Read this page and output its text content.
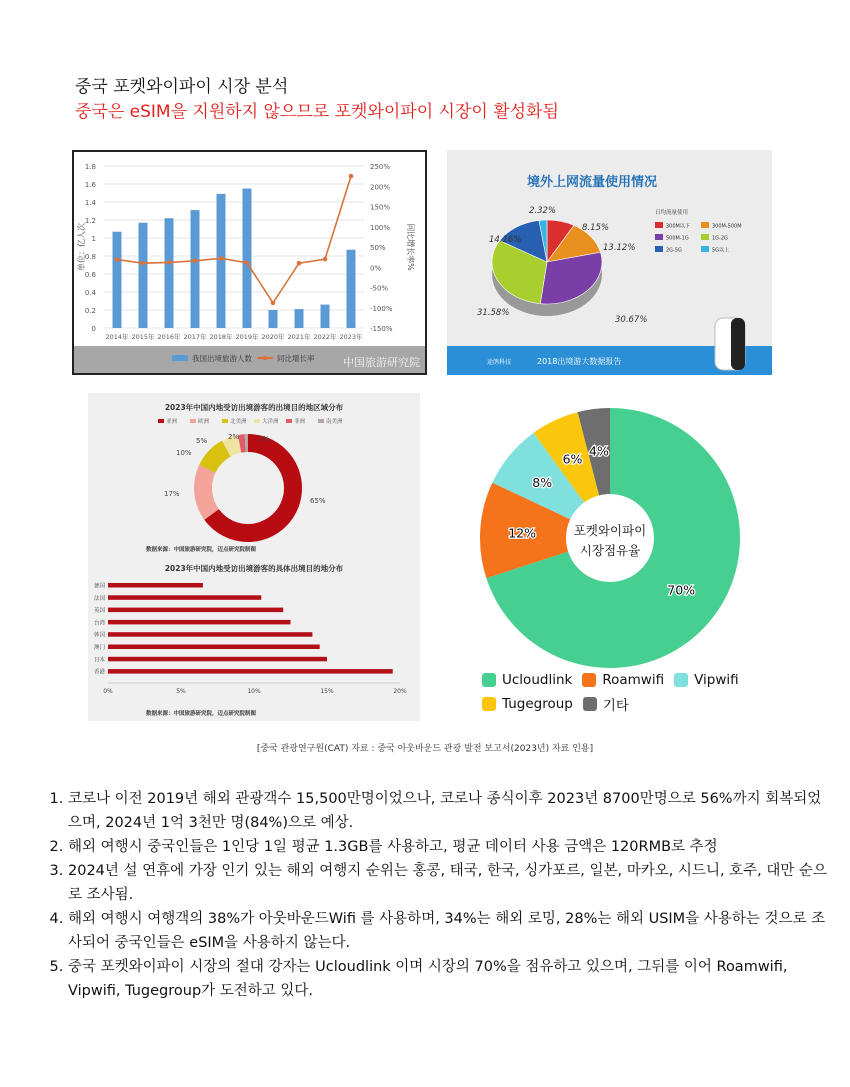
중국 포켓와이파이 시장 분석
중국은 eSIM을 지원하지 않으므로 포켓와이파이 시장이 활성화됨
0
0.2
0.4
0.6
0.8
1
1.2
1.4
1.6
1.8
-150%
-100%
-50%
0%
50%
100%
150%
200%
250%
2014年 2015年 2016年 2017年 2018年 2019年 2020年 2021年 2022年 2023年
单位：亿人次	同比增长率%
我国出境旅游人数	同比增长率	中国旅游研究院
境外上网流量使用情况
8.15%
13.12%
30.67%
31.58%
14.16%
2.32%	日均流量使用
300M以下	300M-500M
500M-1G	1G-2G
2G-5G	5G以上
途鸽科技	2018出境游大数据报告
2023年中国内地受访出境游客的出境目的地区域分布
亚洲	欧洲	北美洲	大洋洲	非洲	南美洲
65%
17%
10%
5%	2%	1%
数据来源：中国旅游研究院，迈点研究院制图
2023年中国内地受访出境游客的具体出境目的地分布
德国
法国
英国
台湾
韩国
澳门
日本
香港
0%	5%	10%	15%	20%
数据来源：中国旅游研究院，迈点研究院制图
70%
12%
8%
6%
4%
포켓와이파이
시장점유율
Ucloudlink Roamwifi Vipwifi

Tugegroup 기타
[중국 관광연구원(CAT) 자료 : 중국 아웃바운드 관광 발전 보고서(2023년) 자료 인용]
1. 코로나 이전 2019년 해외 관광객수 15,500만명이었으나, 코로나 종식이후 2023년 8700만명으로 56%까지 회복되었으며, 2024년 1억 3천만 명(84%)으로 예상.
2. 해외 여행시 중국인들은 1인당 1일 평균 1.3GB를 사용하고, 평균 데이터 사용 금액은 120RMB로 추정
3. 2024년 설 연휴에 가장 인기 있는 해외 여행지 순위는 홍콩, 태국, 한국, 싱가포르, 일본, 마카오, 시드니, 호주, 대만 순으로 조사됨.
4. 해외 여행시 여행객의 38%가 아웃바운드Wifi 를 사용하며, 34%는 해외 로밍, 28%는 해외 USIM을 사용하는 것으로 조사되어 중국인들은 eSIM을 사용하지 않는다.
5. 중국 포켓와이파이 시장의 절대 강자는 Ucloudlink 이며 시장의 70%을 점유하고 있으며, 그뒤를 이어 Roamwifi, Vipwifi, Tugegroup가 도전하고 있다.
